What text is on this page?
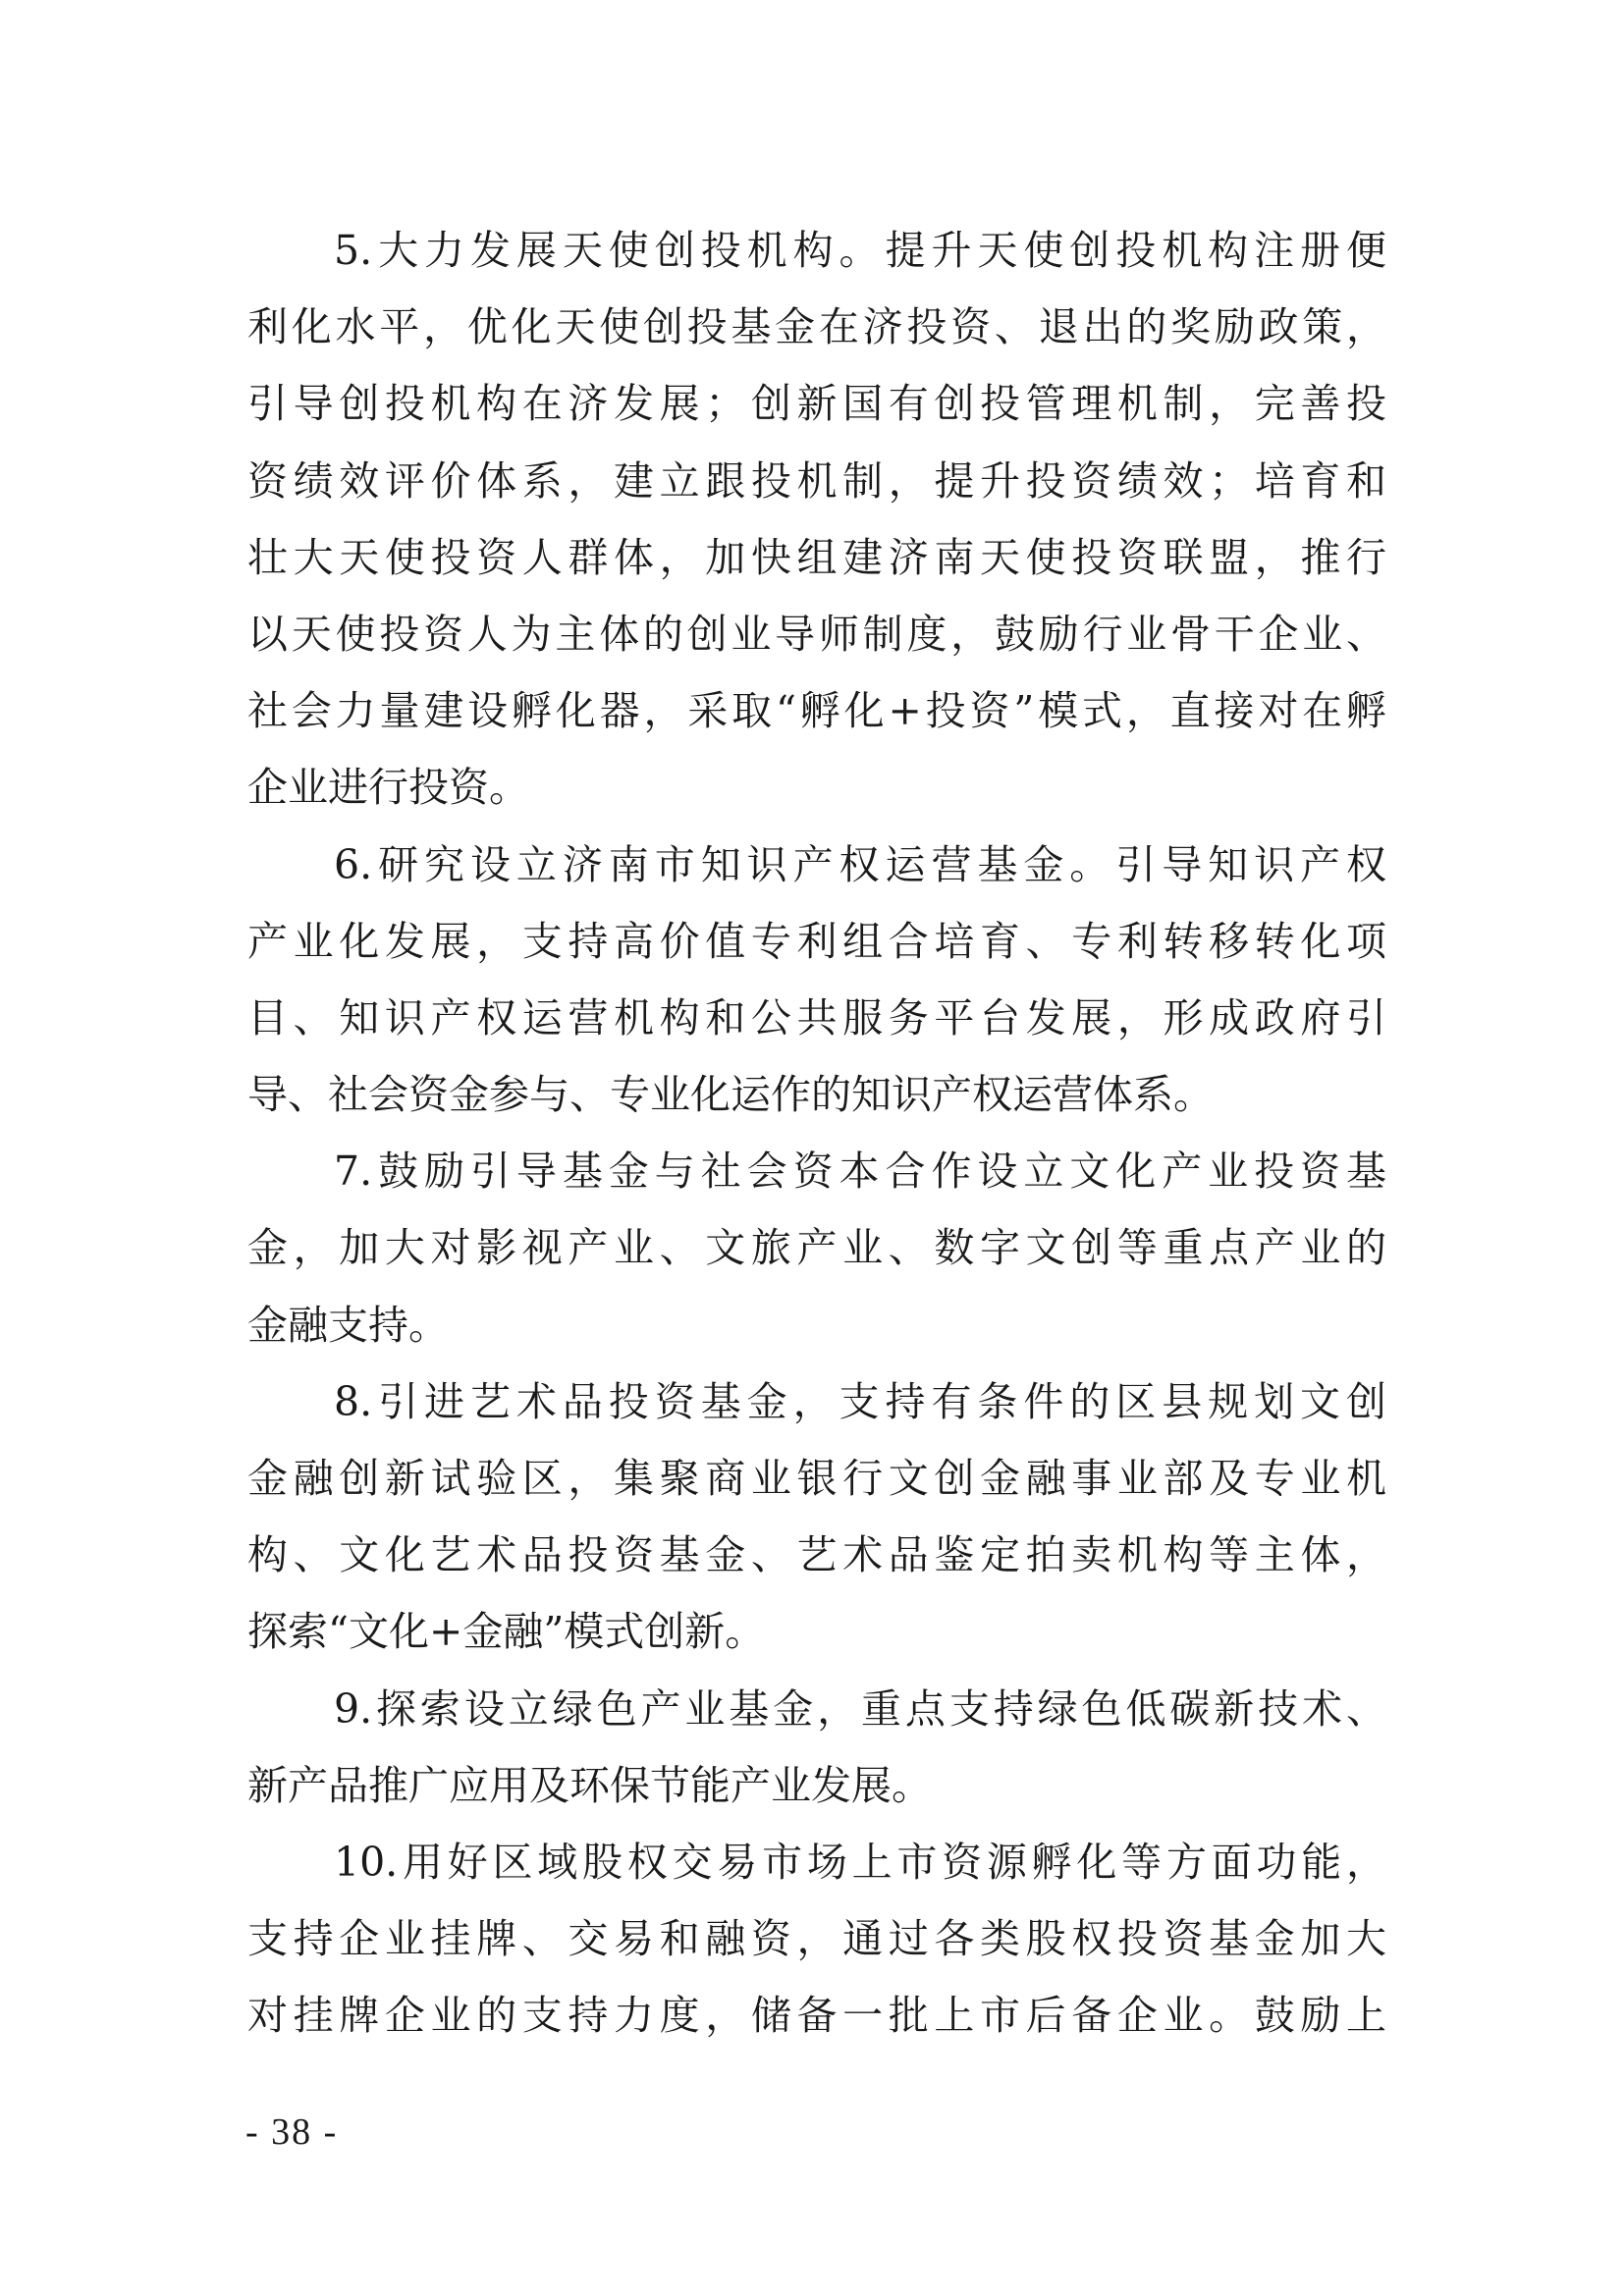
5.大力发展天使创投机构。提升天使创投机构注册便
利化水平，优化天使创投基金在济投资、退出的奖励政策，
引导创投机构在济发展；创新国有创投管理机制，完善投
资绩效评价体系，建立跟投机制，提升投资绩效；培育和
壮大天使投资人群体，加快组建济南天使投资联盟，推行
以天使投资人为主体的创业导师制度，鼓励行业骨干企业、
社会力量建设孵化器，采取“孵化+投资”模式，直接对在孵
企业进行投资。
6.研究设立济南市知识产权运营基金。引导知识产权
产业化发展，支持高价值专利组合培育、专利转移转化项
目、知识产权运营机构和公共服务平台发展，形成政府引
导、社会资金参与、专业化运作的知识产权运营体系。
7.鼓励引导基金与社会资本合作设立文化产业投资基
金，加大对影视产业、文旅产业、数字文创等重点产业的
金融支持。
8.引进艺术品投资基金，支持有条件的区县规划文创
金融创新试验区，集聚商业银行文创金融事业部及专业机
构、文化艺术品投资基金、艺术品鉴定拍卖机构等主体，
探索“文化+金融”模式创新。
9.探索设立绿色产业基金，重点支持绿色低碳新技术、
新产品推广应用及环保节能产业发展。
10.用好区域股权交易市场上市资源孵化等方面功能，
支持企业挂牌、交易和融资，通过各类股权投资基金加大
对挂牌企业的支持力度，储备一批上市后备企业。鼓励上
- 38 -
